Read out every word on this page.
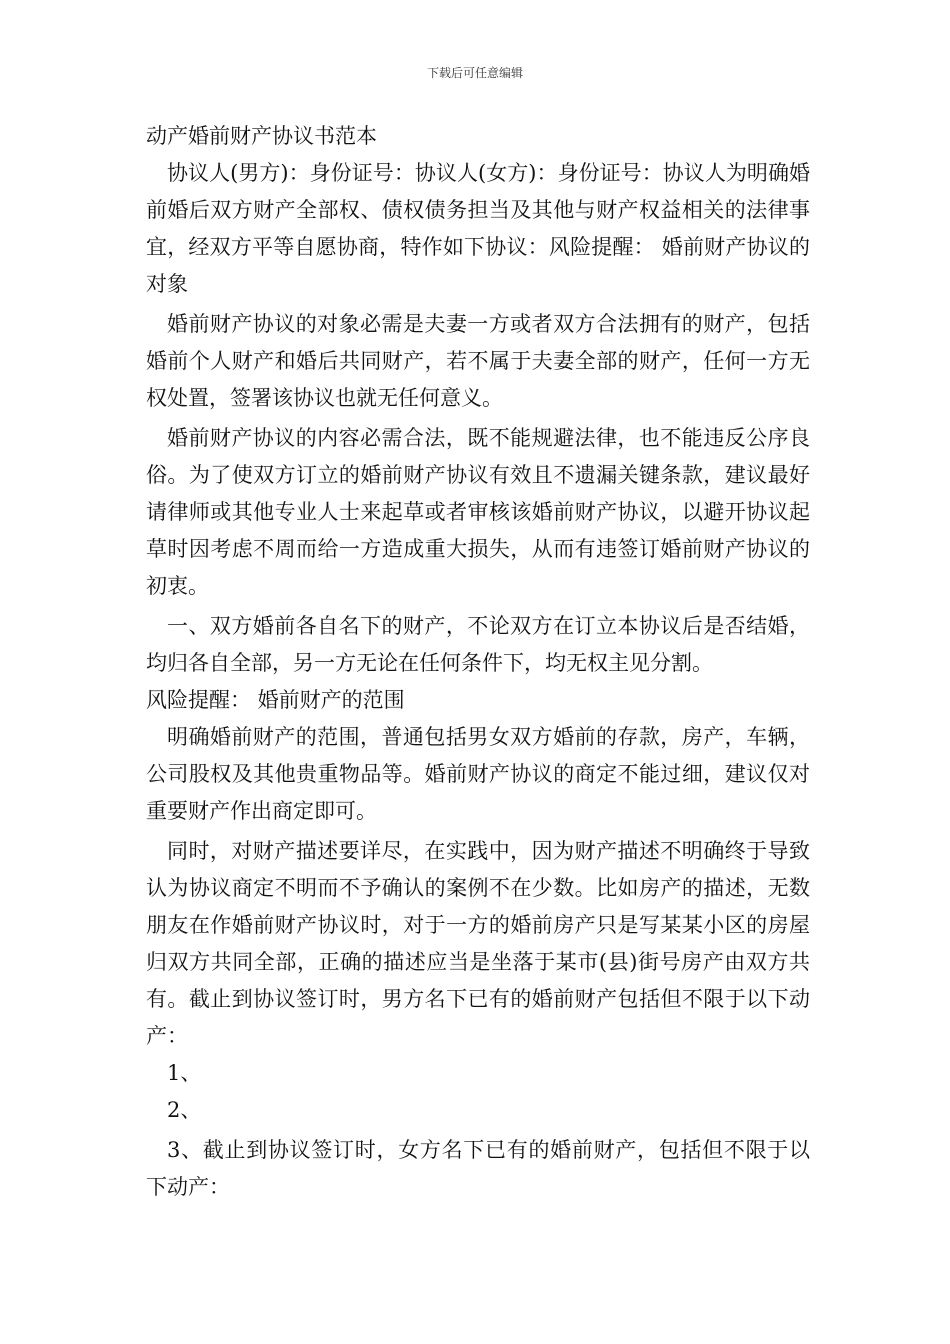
下载后可任意编辑

动产婚前财产协议书范本

协议人(男方)：身份证号：协议人(女方)：身份证号：协议人为明确婚前婚后双方财产全部权、债权债务担当及其他与财产权益相关的法律事宜，经双方平等自愿协商，特作如下协议：风险提醒： 婚前财产协议的对象

婚前财产协议的对象必需是夫妻一方或者双方合法拥有的财产，包括婚前个人财产和婚后共同财产，若不属于夫妻全部的财产，任何一方无权处置，签署该协议也就无任何意义。

婚前财产协议的内容必需合法，既不能规避法律，也不能违反公序良俗。为了使双方订立的婚前财产协议有效且不遗漏关键条款，建议最好请律师或其他专业人士来起草或者审核该婚前财产协议，以避开协议起草时因考虑不周而给一方造成重大损失，从而有违签订婚前财产协议的初衷。

一、双方婚前各自名下的财产，不论双方在订立本协议后是否结婚，均归各自全部，另一方无论在任何条件下，均无权主见分割。

风险提醒： 婚前财产的范围

明确婚前财产的范围，普通包括男女双方婚前的存款，房产，车辆，公司股权及其他贵重物品等。婚前财产协议的商定不能过细，建议仅对重要财产作出商定即可。

同时，对财产描述要详尽，在实践中，因为财产描述不明确终于导致认为协议商定不明而不予确认的案例不在少数。比如房产的描述，无数朋友在作婚前财产协议时，对于一方的婚前房产只是写某某小区的房屋归双方共同全部，正确的描述应当是坐落于某市(县)街号房产由双方共有。截止到协议签订时，男方名下已有的婚前财产包括但不限于以下动产：

1、

2、

3、截止到协议签订时，女方名下已有的婚前财产，包括但不限于以下动产：
